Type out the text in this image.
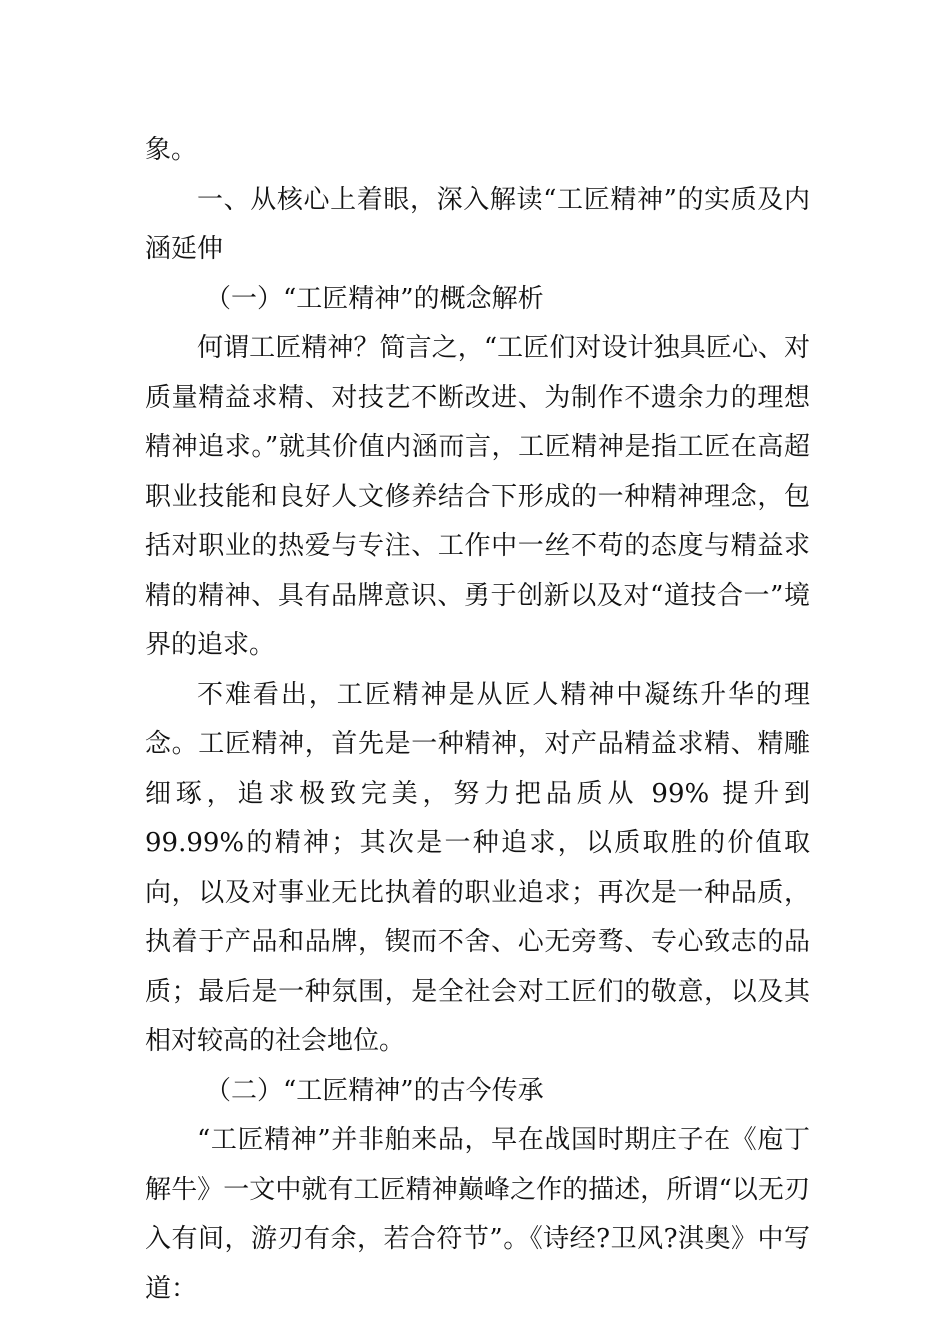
象。

一、从核心上着眼，深入解读“工匠精神”的实质及内涵延伸

（一）“工匠精神”的概念解析

何谓工匠精神？简言之，“工匠们对设计独具匠心、对质量精益求精、对技艺不断改进、为制作不遗余力的理想精神追求。”就其价值内涵而言，工匠精神是指工匠在高超职业技能和良好人文修养结合下形成的一种精神理念，包括对职业的热爱与专注、工作中一丝不苟的态度与精益求精的精神、具有品牌意识、勇于创新以及对“道技合一”境界的追求。

不难看出，工匠精神是从匠人精神中凝练升华的理念。工匠精神，首先是一种精神，对产品精益求精、精雕细琢，追求极致完美，努力把品质从 99% 提升到 99.99%的精神；其次是一种追求，以质取胜的价值取向，以及对事业无比执着的职业追求；再次是一种品质，执着于产品和品牌，锲而不舍、心无旁骛、专心致志的品质；最后是一种氛围，是全社会对工匠们的敬意，以及其相对较高的社会地位。

（二）“工匠精神”的古今传承

“工匠精神”并非舶来品，早在战国时期庄子在《庖丁解牛》一文中就有工匠精神巅峰之作的描述，所谓“以无刃入有间，游刃有余，若合符节”。《诗经?卫风?淇奥》中写道：
